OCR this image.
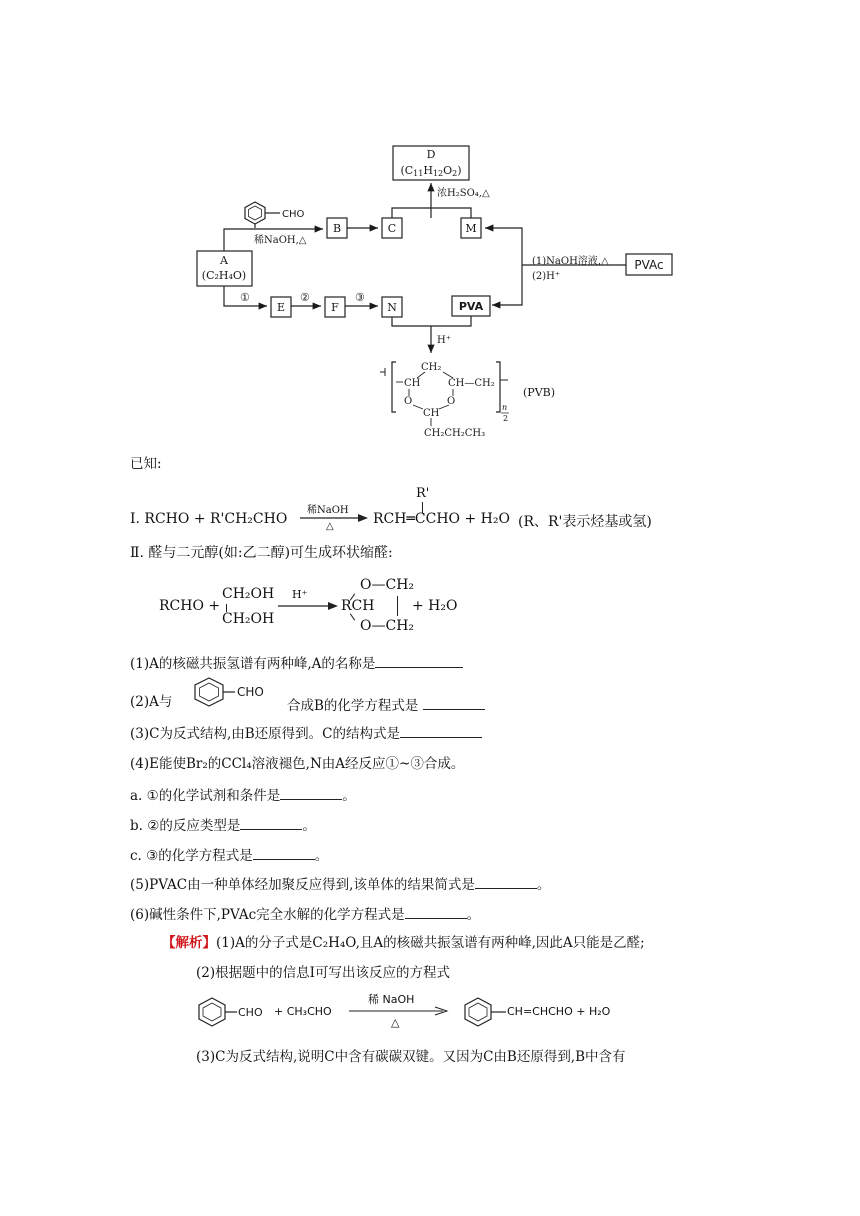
D
(C11H12O2)
浓H₂SO₄,△
CHO
B	C	M
A
(C₂H₄O)
稀NaOH,△
PVAc
(1)NaOH溶液,△
(2)H⁺
①
E
②
F
③
N	PVA
H⁺
CH₂
CH	CH—CH₂
O	O
CH
CH₂CH₂CH₃
n
2
(PVB)
已知:
R'
Ⅰ. RCHO + R'CH₂CHO
稀NaOH
△	RCH═CCHO + H₂O (R、R'表示烃基或氢)
Ⅱ. 醛与二元醇(如:乙二醇)可生成环状缩醛:
RCHO +
CH₂OH
CH₂OH
H⁺
O—CH₂
RCH
O—CH₂
+ H₂O
(1)A的核磁共振氢谱有两种峰,A的名称是
(2)A与
CHO
合成B的化学方程式是
(3)C为反式结构,由B还原得到。C的结构式是
(4)E能使Br₂的CCl₄溶液褪色,N由A经反应①~③合成。
a. ①的化学试剂和条件是	。
b. ②的反应类型是	。
c. ③的化学方程式是	。
(5)PVAC由一种单体经加聚反应得到,该单体的结果简式是	。
(6)碱性条件下,PVAc完全水解的化学方程式是	。
【解析】(1)A的分子式是C₂H₄O,且A的核磁共振氢谱有两种峰,因此A只能是乙醛;
(2)根据题中的信息Ⅰ可写出该反应的方程式
CHO + CH₃CHO
稀 NaOH
△
CH=CHCHO + H₂O
(3)C为反式结构,说明C中含有碳碳双键。又因为C由B还原得到,B中含有
